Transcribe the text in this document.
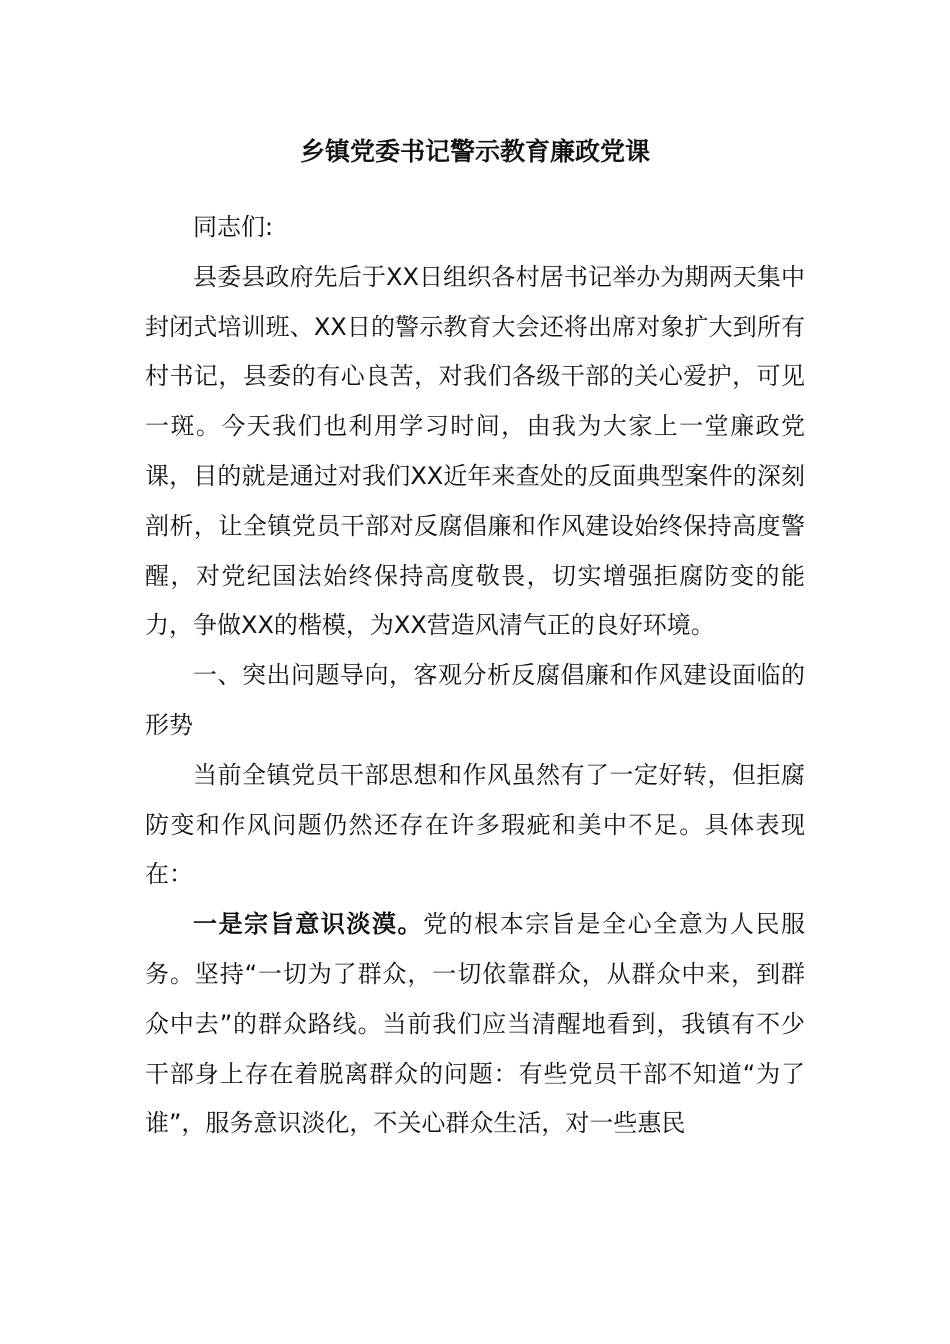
乡镇党委书记警示教育廉政党课

同志们:

县委县政府先后于XX日组织各村居书记举办为期两天集中封闭式培训班、XX日的警示教育大会还将出席对象扩大到所有村书记，县委的有心良苦，对我们各级干部的关心爱护，可见一斑。今天我们也利用学习时间，由我为大家上一堂廉政党课，目的就是通过对我们XX近年来查处的反面典型案件的深刻剖析，让全镇党员干部对反腐倡廉和作风建设始终保持高度警醒，对党纪国法始终保持高度敬畏，切实增强拒腐防变的能力，争做XX的楷模，为XX营造风清气正的良好环境。

一、突出问题导向，客观分析反腐倡廉和作风建设面临的形势

当前全镇党员干部思想和作风虽然有了一定好转，但拒腐防变和作风问题仍然还存在许多瑕疵和美中不足。具体表现在：

一是宗旨意识淡漠。党的根本宗旨是全心全意为人民服务。坚持“一切为了群众，一切依靠群众，从群众中来，到群众中去”的群众路线。当前我们应当清醒地看到，我镇有不少干部身上存在着脱离群众的问题：有些党员干部不知道“为了谁”，服务意识淡化，不关心群众生活，对一些惠民
